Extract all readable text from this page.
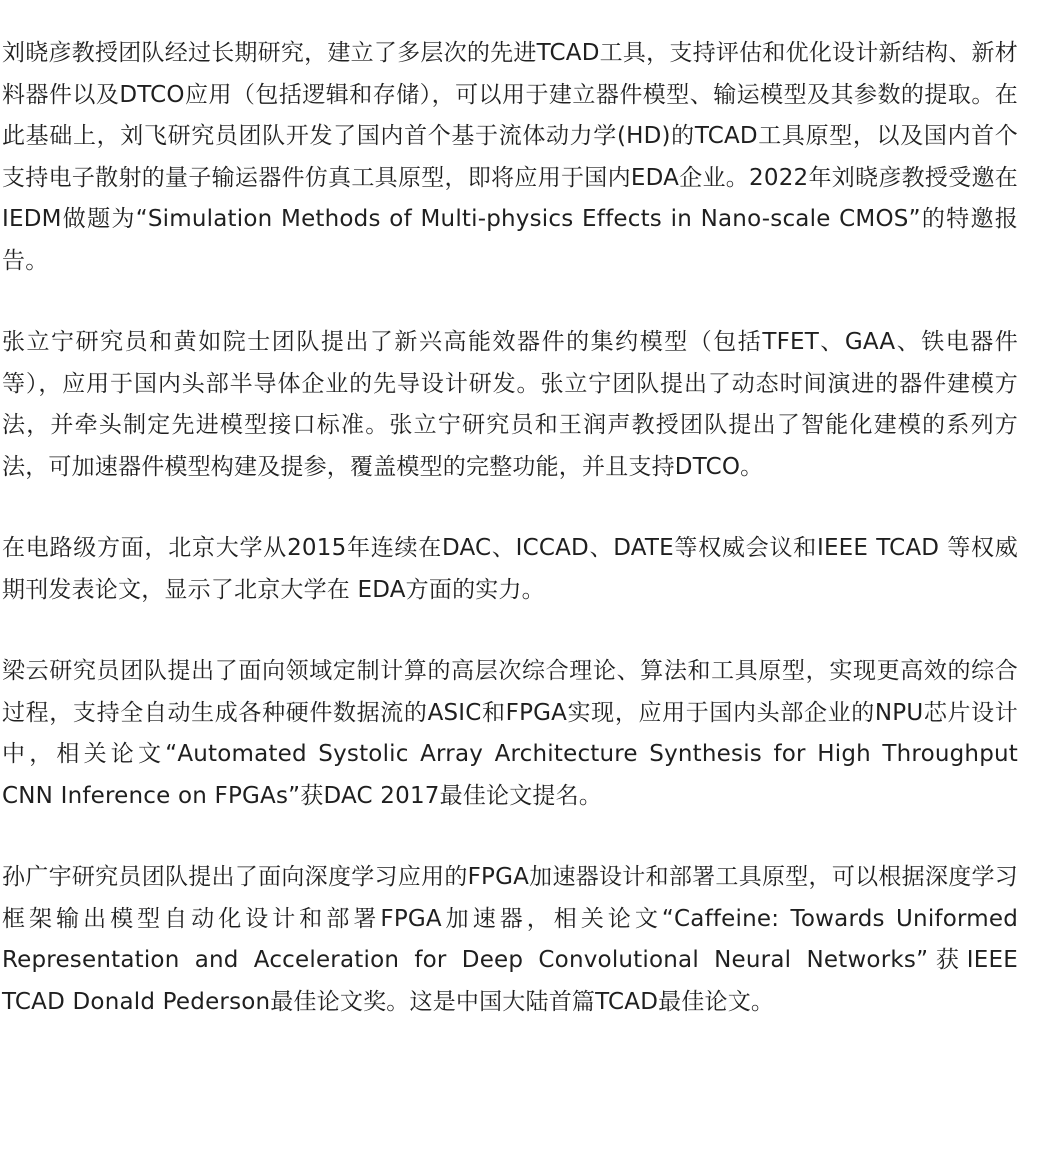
刘晓彦教授团队经过长期研究，建立了多层次的先进TCAD工具，支持评估和优化设计新结构、新材料器件以及DTCO应用（包括逻辑和存储），可以用于建立器件模型、输运模型及其参数的提取。在此基础上，刘飞研究员团队开发了国内首个基于流体动力学(HD)的TCAD工具原型，以及国内首个支持电子散射的量子输运器件仿真工具原型，即将应用于国内EDA企业。2022年刘晓彦教授受邀在IEDM做题为“Simulation Methods of Multi-physics Effects in Nano-scale CMOS”的特邀报告。

张立宁研究员和黄如院士团队提出了新兴高能效器件的集约模型（包括TFET、GAA、铁电器件等），应用于国内头部半导体企业的先导设计研发。张立宁团队提出了动态时间演进的器件建模方法，并牵头制定先进模型接口标准。张立宁研究员和王润声教授团队提出了智能化建模的系列方法，可加速器件模型构建及提参，覆盖模型的完整功能，并且支持DTCO。

在电路级方面，北京大学从2015年连续在DAC、ICCAD、DATE等权威会议和IEEE TCAD 等权威期刊发表论文，显示了北京大学在 EDA方面的实力。

梁云研究员团队提出了面向领域定制计算的高层次综合理论、算法和工具原型，实现更高效的综合过程，支持全自动生成各种硬件数据流的ASIC和FPGA实现，应用于国内头部企业的NPU芯片设计中，相关论文“Automated Systolic Array Architecture Synthesis for High Throughput CNN Inference on FPGAs”获DAC 2017最佳论文提名。

孙广宇研究员团队提出了面向深度学习应用的FPGA加速器设计和部署工具原型，可以根据深度学习框架输出模型自动化设计和部署FPGA加速器，相关论文“Caffeine: Towards Uniformed Representation and Acceleration for Deep Convolutional Neural Networks”获IEEE TCAD Donald Pederson最佳论文奖。这是中国大陆首篇TCAD最佳论文。
